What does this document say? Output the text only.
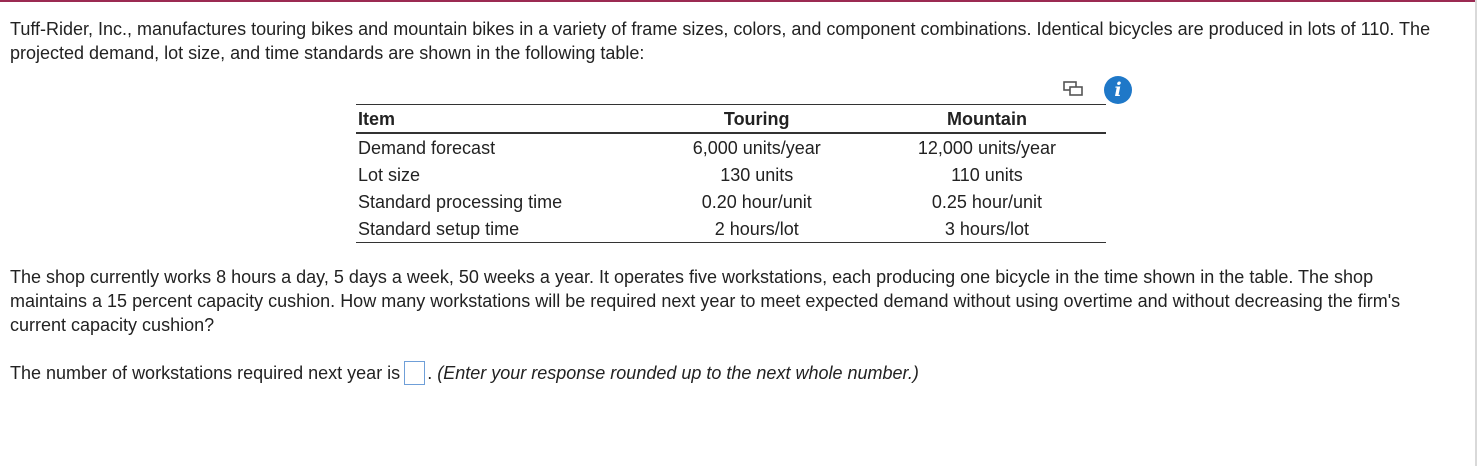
Tuff-Rider, Inc., manufactures touring bikes and mountain bikes in a variety of frame sizes, colors, and component combinations. Identical bicycles are produced in lots of 110. The projected demand, lot size, and time standards are shown in the following table:

i
Item	Touring	Mountain
Demand forecast	6,000 units/year	12,000 units/year
Lot size	130 units	110 units
Standard processing time	0.20 hour/unit	0.25 hour/unit
Standard setup time	2 hours/lot	3 hours/lot

The shop currently works 8 hours a day, 5 days a week, 50 weeks a year. It operates five workstations, each producing one bicycle in the time shown in the table. The shop maintains a 15 percent capacity cushion. How many workstations will be required next year to meet expected demand without using overtime and without decreasing the firm's current capacity cushion?

The number of workstations required next year is . (Enter your response rounded up to the next whole number.)
